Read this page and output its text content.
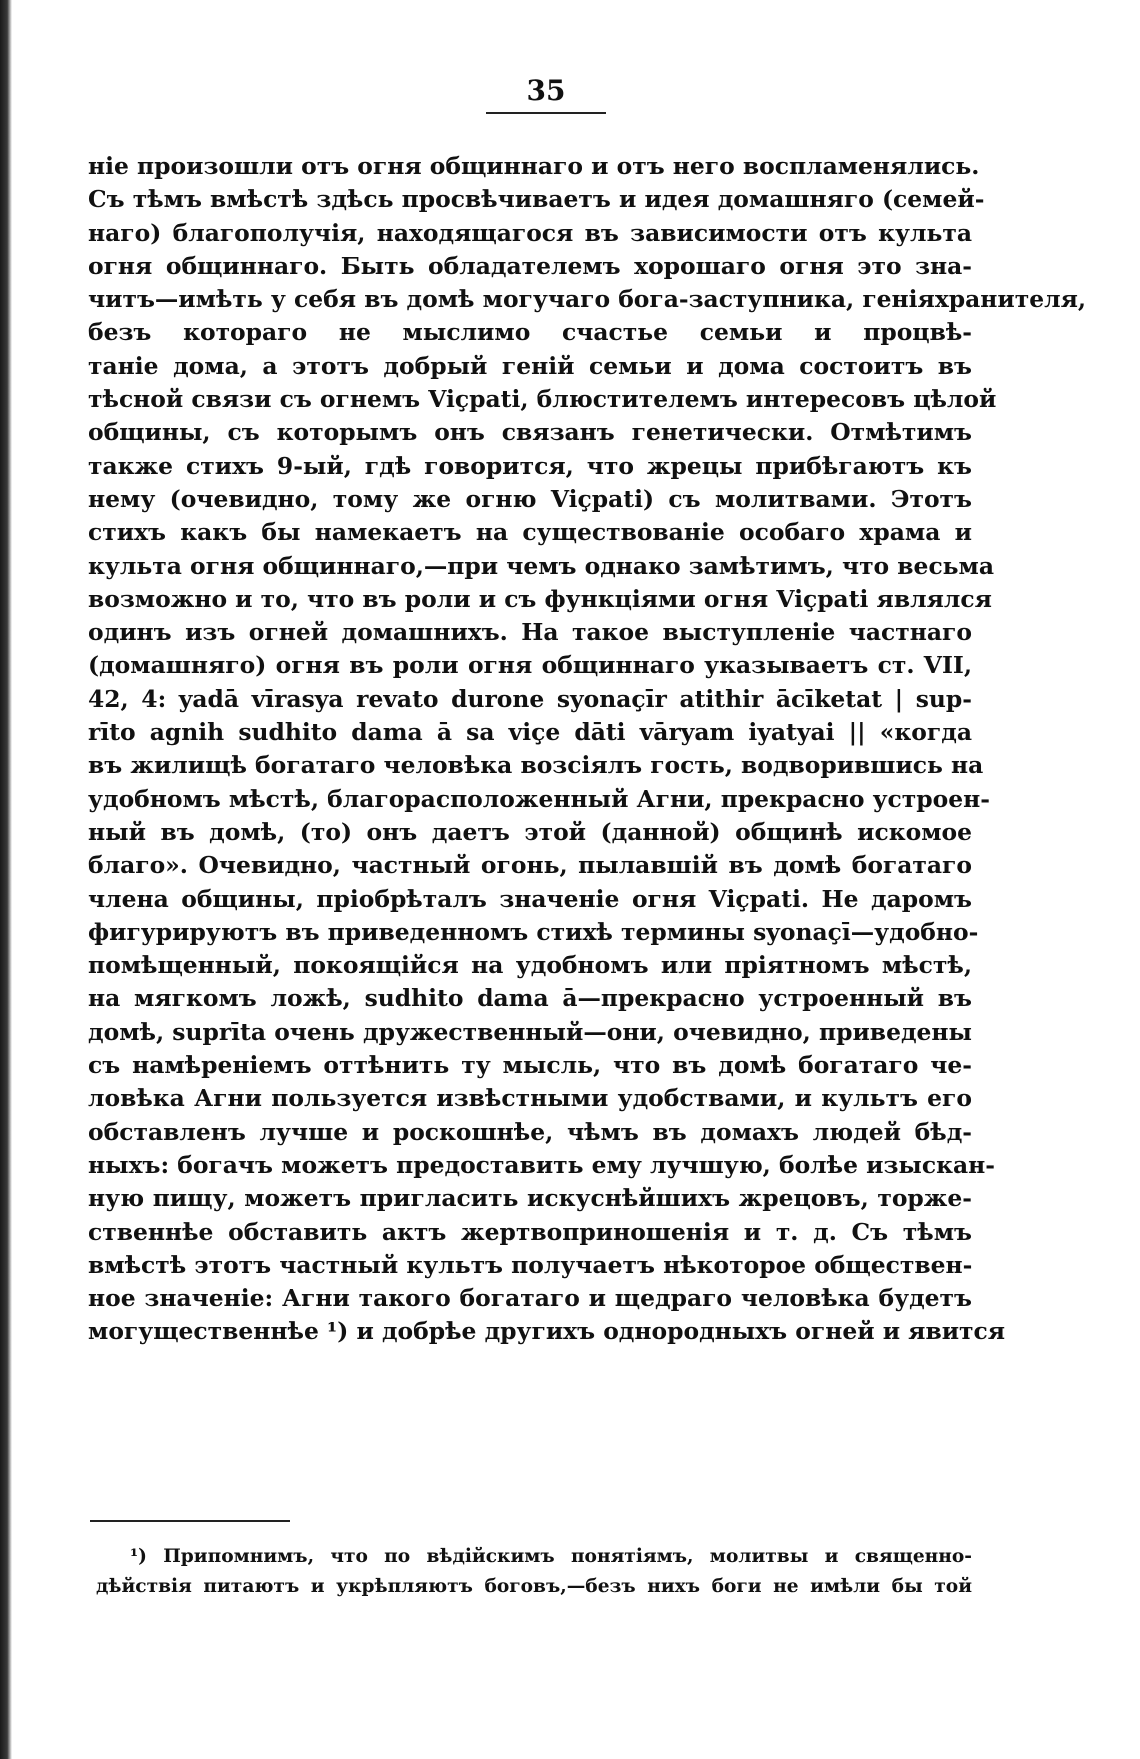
35
ніе произошли отъ огня общиннаго и отъ него воспламенялись.
Съ тѣмъ вмѣстѣ здѣсь просвѣчиваетъ и идея домашняго (семей-
наго) благополучія, находящагося въ зависимости отъ культа
огня общиннаго. Быть обладателемъ хорошаго огня это зна-
читъ—имѣть у себя въ домѣ могучаго бога-заступника, геніяхранителя,
безъ котораго не мыслимо счастье семьи и процвѣ-
таніе дома, а этотъ добрый геній семьи и дома состоитъ въ
тѣсной связи съ огнемъ Viçpati, блюстителемъ интересовъ цѣлой
общины, съ которымъ онъ связанъ генетически. Отмѣтимъ
также стихъ 9-ый, гдѣ говорится, что жрецы прибѣгаютъ къ
нему (очевидно, тому же огню Viçpati) съ молитвами. Этотъ
стихъ какъ бы намекаетъ на существованіе особаго храма и
культа огня общиннаго,—при чемъ однако замѣтимъ, что весьма
возможно и то, что въ роли и съ функціями огня Viçpati являлся
одинъ изъ огней домашнихъ. На такое выступленіе частнаго
(домашняго) огня въ роли огня общиннаго указываетъ ст. VII,
42, 4: yadā vīrasya revato durone syonaçīr atithir ācīketat | sup-
rīto agnih sudhito dama ā sa viçe dāti vāryam iyatyai || «когда
въ жилищѣ богатаго человѣка возсіялъ гость, водворившись на
удобномъ мѣстѣ, благорасположенный Агни, прекрасно устроен-
ный въ домѣ, (то) онъ даетъ этой (данной) общинѣ искомое
благо». Очевидно, частный огонь, пылавшій въ домѣ богатаго
члена общины, пріобрѣталъ значеніе огня Viçpati. Не даромъ
фигурируютъ въ приведенномъ стихѣ термины syonaçī—удобно-
помѣщенный, покоящійся на удобномъ или пріятномъ мѣстѣ,
на мягкомъ ложѣ, sudhito dama ā—прекрасно устроенный въ
домѣ, suprīta очень дружественный—они, очевидно, приведены
съ намѣреніемъ оттѣнить ту мысль, что въ домѣ богатаго че-
ловѣка Агни пользуется извѣстными удобствами, и культъ его
обставленъ лучше и роскошнѣе, чѣмъ въ домахъ людей бѣд-
ныхъ: богачъ можетъ предоставить ему лучшую, болѣе изыскан-
ную пищу, можетъ пригласить искуснѣйшихъ жрецовъ, торже-
ственнѣе обставить актъ жертвоприношенія и т. д. Съ тѣмъ
вмѣстѣ этотъ частный культъ получаетъ нѣкоторое обществен-
ное значеніе: Агни такого богатаго и щедраго человѣка будетъ
могущественнѣе ¹) и добрѣе другихъ однородныхъ огней и явится
¹) Припомнимъ, что по вѣдійскимъ понятіямъ, молитвы и священно-
дѣйствія питаютъ и укрѣпляютъ боговъ,—безъ нихъ боги не имѣли бы той
